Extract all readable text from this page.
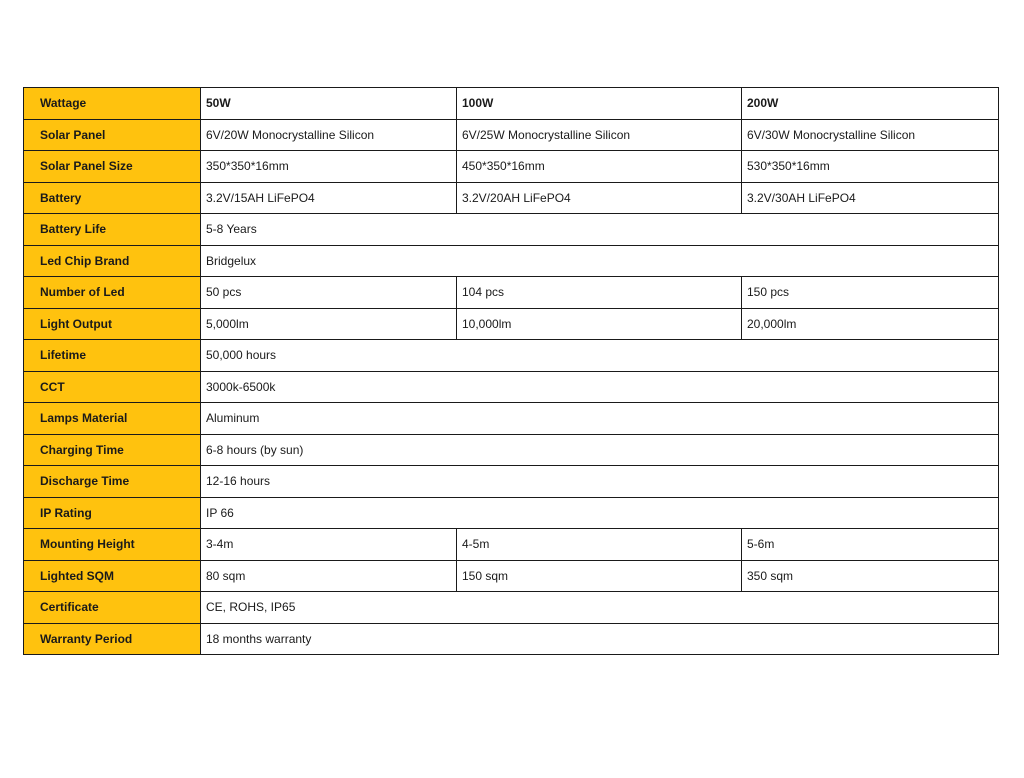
Wattage	50W	100W	200W
Solar Panel	6V/20W Monocrystalline Silicon	6V/25W Monocrystalline Silicon	6V/30W Monocrystalline Silicon
Solar Panel Size	350*350*16mm	450*350*16mm	530*350*16mm
Battery	3.2V/15AH LiFePO4	3.2V/20AH LiFePO4	3.2V/30AH LiFePO4
Battery Life	5-8 Years		
Led Chip Brand	Bridgelux		
Number of Led	50 pcs	104 pcs	150 pcs
Light Output	5,000lm	10,000lm	20,000lm
Lifetime	50,000 hours		
CCT	3000k-6500k		
Lamps Material	Aluminum		
Charging Time	6-8 hours (by sun)		
Discharge Time	12-16 hours		
IP Rating	IP 66		
Mounting Height	3-4m	4-5m	5-6m
Lighted SQM	80 sqm	150 sqm	350 sqm
Certificate	CE, ROHS, IP65		
Warranty Period	18 months warranty		
